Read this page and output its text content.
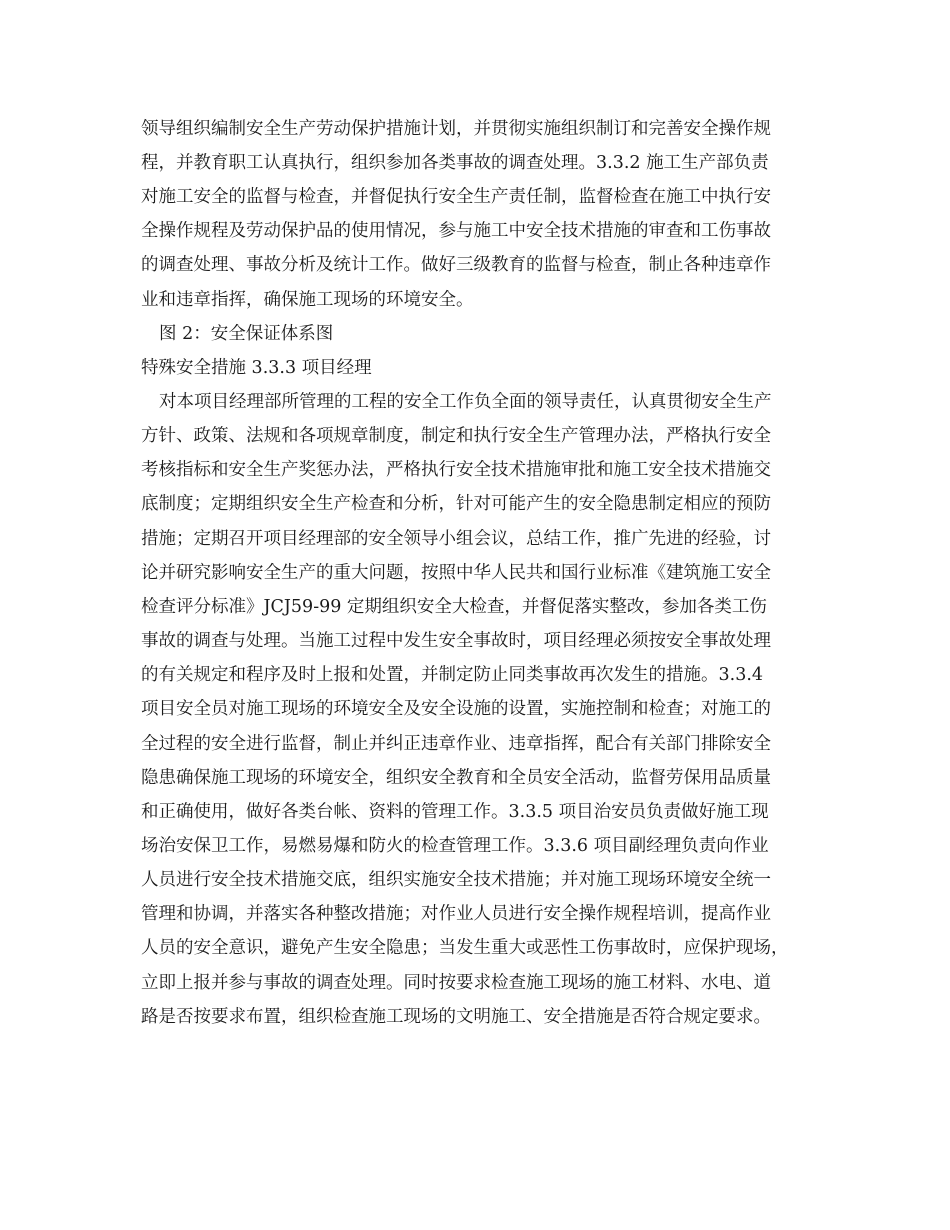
领导组织编制安全生产劳动保护措施计划，并贯彻实施组织制订和完善安全操作规
程，并教育职工认真执行，组织参加各类事故的调查处理。3.3.2 施工生产部负责
对施工安全的监督与检查，并督促执行安全生产责任制，监督检查在施工中执行安
全操作规程及劳动保护品的使用情况，参与施工中安全技术措施的审查和工伤事故
的调查处理、事故分析及统计工作。做好三级教育的监督与检查，制止各种违章作
业和违章指挥，确保施工现场的环境安全。
图 2：安全保证体系图
特殊安全措施 3.3.3 项目经理
对本项目经理部所管理的工程的安全工作负全面的领导责任，认真贯彻安全生产
方针、政策、法规和各项规章制度，制定和执行安全生产管理办法，严格执行安全
考核指标和安全生产奖惩办法，严格执行安全技术措施审批和施工安全技术措施交
底制度；定期组织安全生产检查和分析，针对可能产生的安全隐患制定相应的预防
措施；定期召开项目经理部的安全领导小组会议，总结工作，推广先进的经验，讨
论并研究影响安全生产的重大问题，按照中华人民共和国行业标准《建筑施工安全
检查评分标准》JCJ59-99 定期组织安全大检查，并督促落实整改，参加各类工伤
事故的调查与处理。当施工过程中发生安全事故时，项目经理必须按安全事故处理
的有关规定和程序及时上报和处置，并制定防止同类事故再次发生的措施。3.3.4
项目安全员对施工现场的环境安全及安全设施的设置，实施控制和检查；对施工的
全过程的安全进行监督，制止并纠正违章作业、违章指挥，配合有关部门排除安全
隐患确保施工现场的环境安全，组织安全教育和全员安全活动，监督劳保用品质量
和正确使用，做好各类台帐、资料的管理工作。3.3.5 项目治安员负责做好施工现
场治安保卫工作，易燃易爆和防火的检查管理工作。3.3.6 项目副经理负责向作业
人员进行安全技术措施交底，组织实施安全技术措施；并对施工现场环境安全统一
管理和协调，并落实各种整改措施；对作业人员进行安全操作规程培训，提高作业
人员的安全意识，避免产生安全隐患；当发生重大或恶性工伤事故时，应保护现场，
立即上报并参与事故的调查处理。同时按要求检查施工现场的施工材料、水电、道
路是否按要求布置，组织检查施工现场的文明施工、安全措施是否符合规定要求。
